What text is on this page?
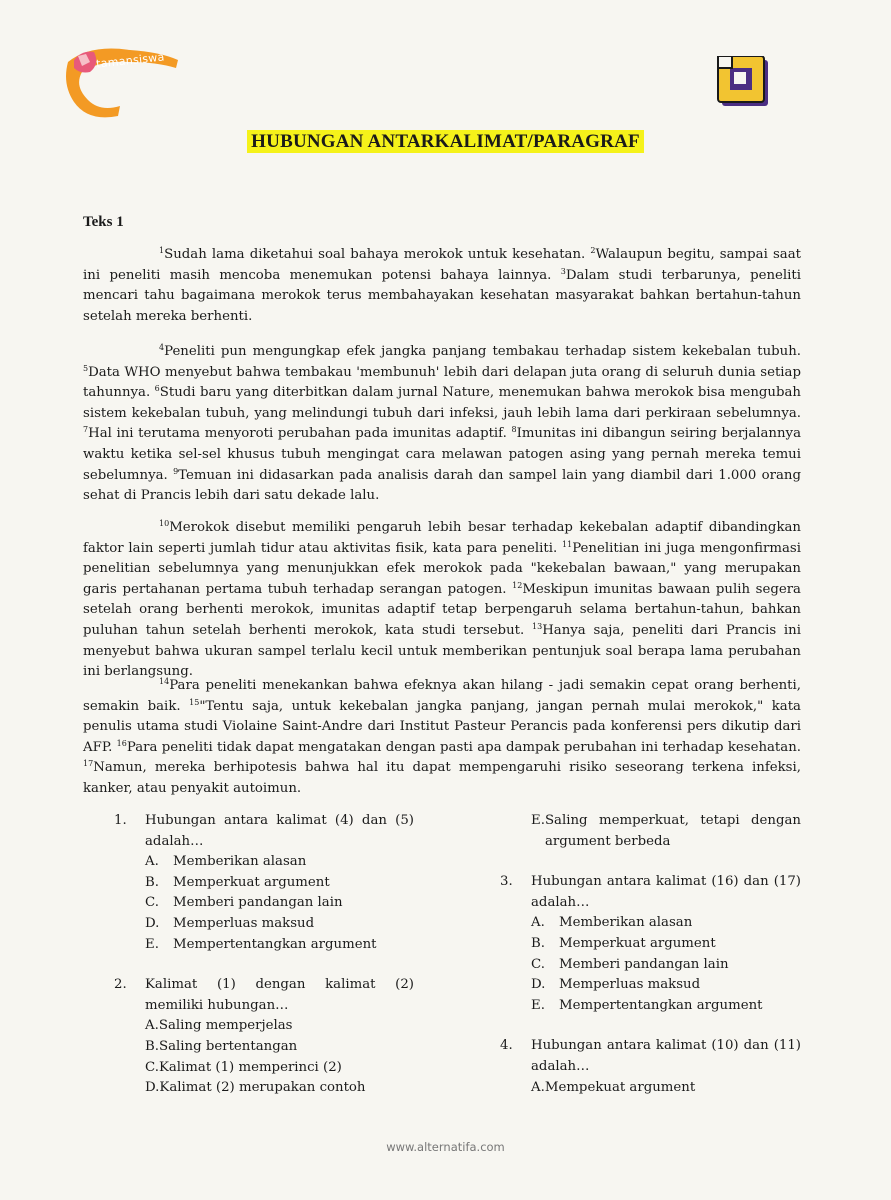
tamansiswa
HUBUNGAN ANTARKALIMAT/PARAGRAF
Teks 1

$^1$Sudah lama diketahui soal bahaya merokok untuk kesehatan. $^2$Walaupun begitu, sampai saat ini peneliti masih mencoba menemukan potensi bahaya lainnya. $^3$Dalam studi terbarunya, peneliti mencari tahu bagaimana merokok terus membahayakan kesehatan masyarakat bahkan bertahun-tahun setelah mereka berhenti.

$^4$Peneliti pun mengungkap efek jangka panjang tembakau terhadap sistem kekebalan tubuh. $^5$Data WHO menyebut bahwa tembakau 'membunuh' lebih dari delapan juta orang di seluruh dunia setiap tahunnya. $^6$Studi baru yang diterbitkan dalam jurnal Nature, menemukan bahwa merokok bisa mengubah sistem kekebalan tubuh, yang melindungi tubuh dari infeksi, jauh lebih lama dari perkiraan sebelumnya. $^7$Hal ini terutama menyoroti perubahan pada imunitas adaptif. $^8$Imunitas ini dibangun seiring berjalannya waktu ketika sel-sel khusus tubuh mengingat cara melawan patogen asing yang pernah mereka temui sebelumnya. $^9$Temuan ini didasarkan pada analisis darah dan sampel lain yang diambil dari 1.000 orang sehat di Prancis lebih dari satu dekade lalu.

$^{10}$Merokok disebut memiliki pengaruh lebih besar terhadap kekebalan adaptif dibandingkan faktor lain seperti jumlah tidur atau aktivitas fisik, kata para peneliti. $^{11}$Penelitian ini juga mengonfirmasi penelitian sebelumnya yang menunjukkan efek merokok pada "kekebalan bawaan," yang merupakan garis pertahanan pertama tubuh terhadap serangan patogen. $^{12}$Meskipun imunitas bawaan pulih segera setelah orang berhenti merokok, imunitas adaptif tetap berpengaruh selama bertahun-tahun, bahkan puluhan tahun setelah berhenti merokok, kata studi tersebut. $^{13}$Hanya saja, peneliti dari Prancis ini menyebut bahwa ukuran sampel terlalu kecil untuk memberikan pentunjuk soal berapa lama perubahan ini berlangsung.

$^{14}$Para peneliti menekankan bahwa efeknya akan hilang - jadi semakin cepat orang berhenti, semakin baik. $^{15}$"Tentu saja, untuk kekebalan jangka panjang, jangan pernah mulai merokok," kata penulis utama studi Violaine Saint-Andre dari Institut Pasteur Perancis pada konferensi pers dikutip dari AFP. $^{16}$Para peneliti tidak dapat mengatakan dengan pasti apa dampak perubahan ini terhadap kesehatan. $^{17}$Namun, mereka berhipotesis bahwa hal itu dapat mempengaruhi risiko seseorang terkena infeksi, kanker, atau penyakit autoimun.

1.	Hubungan antara kalimat (4) dan (5) adalah…
A.	Memberikan alasan
B.	Memperkuat argument
C.	Memberi pandangan lain
D.	Memperluas maksud
E.	Mempertentangkan argument
2.	Kalimat (1) dengan kalimat (2) memiliki hubungan…
A. Saling memperjelas
B. Saling bertentangan
C. Kalimat (1) memperinci (2)
D. Kalimat (2) merupakan contoh
E. Saling memperkuat, tetapi dengan argument berbeda
3.	Hubungan antara kalimat (16) dan (17) adalah…
A.	Memberikan alasan
B.	Memperkuat argument
C.	Memberi pandangan lain
D.	Memperluas maksud
E.	Mempertentangkan argument
4.	Hubungan antara kalimat (10) dan (11) adalah…
A. Mempekuat argument
www.alternatifa.com
